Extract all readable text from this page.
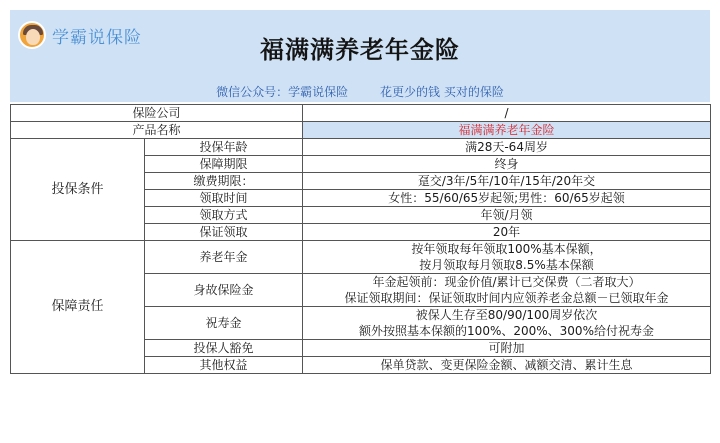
学霸说保险	福满满养老年金险
微信公众号：学霸说保险	花更少的钱 买对的保险
保险公司		/
产品名称		福满满养老年金险
投保条件	投保年龄	满28天-64周岁
	保障期限	终身
	缴费期限：	趸交/3年/5年/10年/15年/20年交
	领取时间	女性：55/60/65岁起领;男性：60/65岁起领
	领取方式	年领/月领
	保证领取	20年
保障责任	养老年金	按年领取每年领取100%基本保额，
按月领取每月领取8.5%基本保额

	身故保险金	年金起领前：现金价值/累计已交保费（二者取大）
保证领取期间：保证领取时间内应领养老金总额－已领取年金

	祝寿金	被保人生存至80/90/100周岁依次
额外按照基本保额的100%、200%、300%给付祝寿金

	投保人豁免	可附加
	其他权益	保单贷款、变更保险金额、减额交清、累计生息
